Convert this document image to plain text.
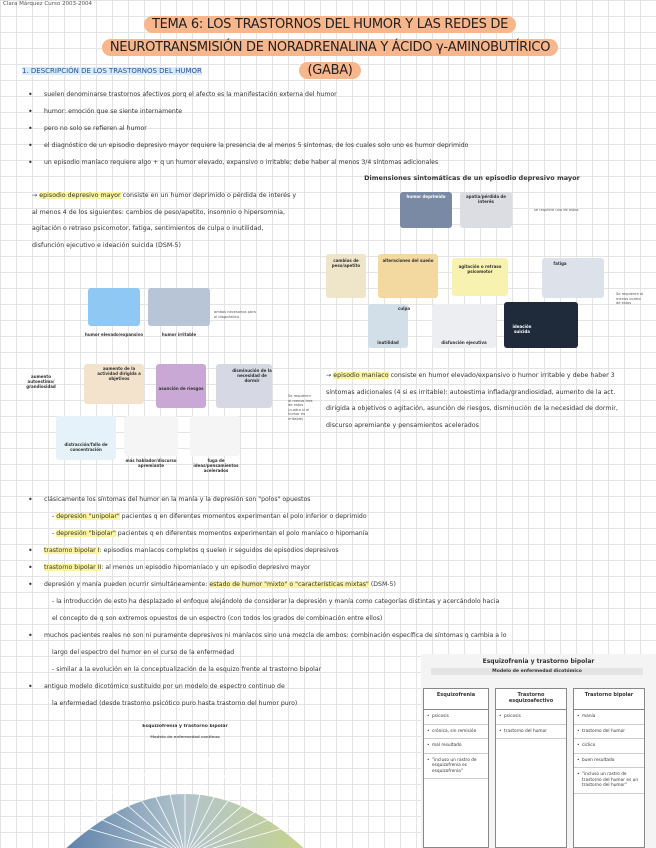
Clara Márquez Curso 2003-2004
TEMA 6: LOS TRASTORNOS DEL HUMOR Y LAS REDES DE NEUROTRANSMISIÓN DE NORADRENALINA Y ÁCIDO γ-AMINOBUTÍRICO (GABA)
1. DESCRIPCIÓN DE LOS TRASTORNOS DEL HUMOR
• suelen denominarse trastornos afectivos porq el afecto es la manifestación externa del humor
• humor: emoción que se siente internamente
• pero no solo se refieren al humor
• el diagnóstico de un episodio depresivo mayor requiere la presencia de al menos 5 síntomas, de los cuales solo uno es humor deprimido
• un episodio maníaco requiere algo + q un humor elevado, expansivo o irritable; debe haber al menos 3/4 síntomas adicionales
→ episodio depresivo mayor consiste en un humor deprimido o pérdida de interés y al menos 4 de los siguientes: cambios de peso/apetito, insomnio o hipersomnia, agitación o retraso psicomotor, fatiga, sentimientos de culpa o inutilidad, disfunción ejecutivo e ideación suicida (DSM-5)
Dimensiones sintomáticas de un episodio depresivo mayor
humor deprimido	apatía/pérdida de interés
se requiere uno de estos
cambios de peso/apetito
alteraciones del sueño
agitación o retraso psicomotor
fatiga
culpa
inutilidad	disfunción ejecutiva
ideación suicida
Se requieren al menos cuatro de estos
humor elevado/expansivo	humor irritable
ambos necesarios para el diagnóstico
aumento autoestima/ grandiosidad
aumento de la actividad dirigida a objetivos
asunción de riesgos
disminución de la necesidad de dormir
distracción/fallo de concentración
más hablador/discurso apremiante
fuga de ideas/pensamientos acelerados
Se requieren al menos tres de estos (cuatro si el humor es irritable)
→ episodio maníaco consiste en humor elevado/expansivo o humor irritable y debe haber 3 síntomas adicionales (4 si es irritable): autoestima inflada/grandiosidad, aumento de la act. dirigida a objetivos o agitación, asunción de riesgos, disminución de la necesidad de dormir, discurso apremiante y pensamientos acelerados
• clásicamente los síntomas del humor en la manía y la depresión son "polos" opuestos
- depresión "unipolar" pacientes q en diferentes momentos experimentan el polo inferior o deprimido
- depresión "bipolar" pacientes q en diferentes momentos experimentan el polo maníaco o hipomanía
• trastorno bipolar I: episodios maníacos completos q suelen ir seguidos de episodios depresivos
• trastorno bipolar II: al menos un episodio hipomaníaco y un episodio depresivo mayor
• depresión y manía pueden ocurrir simultáneamente: estado de humor "mixto" o "características mixtas" (DSM-5)
- la introducción de esto ha desplazado el enfoque alejándolo de considerar la depresión y manía como categorías distintas y acercándolo hacia
el concepto de q son extremos opuestos de un espectro (con todos los grados de combinación entre ellos)
• muchos pacientes reales no son ni puramente depresivos ni maníacos sino una mezcla de ambos: combinación específica de síntomas q cambia a lo
largo del espectro del humor en el curso de la enfermedad
- similar a la evolución en la conceptualización de la esquizo frente al trastorno bipolar
• antiguo modelo dicotómico sustituido por un modelo de espectro continuo de
la enfermedad (desde trastorno psicótico puro hasta trastorno del humor puro)
Esquizofrenia y trastorno bipolar
Modelo de enfermedad continuo
Esquizofrenia y trastorno bipolar
Modelo de enfermedad dicotómico
Esquizofrenia
• psicosis
• crónica, sin remisión
• mal resultado
• "incluso un rastro de esquizofrenia es esquizofrenia"
Trastorno esquizoafectivo
• psicosis
• trastorno del humor
Trastorno bipolar
• manía
• trastorno del humor
• cíclico
• buen resultado
• "incluso un rastro de trastorno del humor es un trastorno del humor"
